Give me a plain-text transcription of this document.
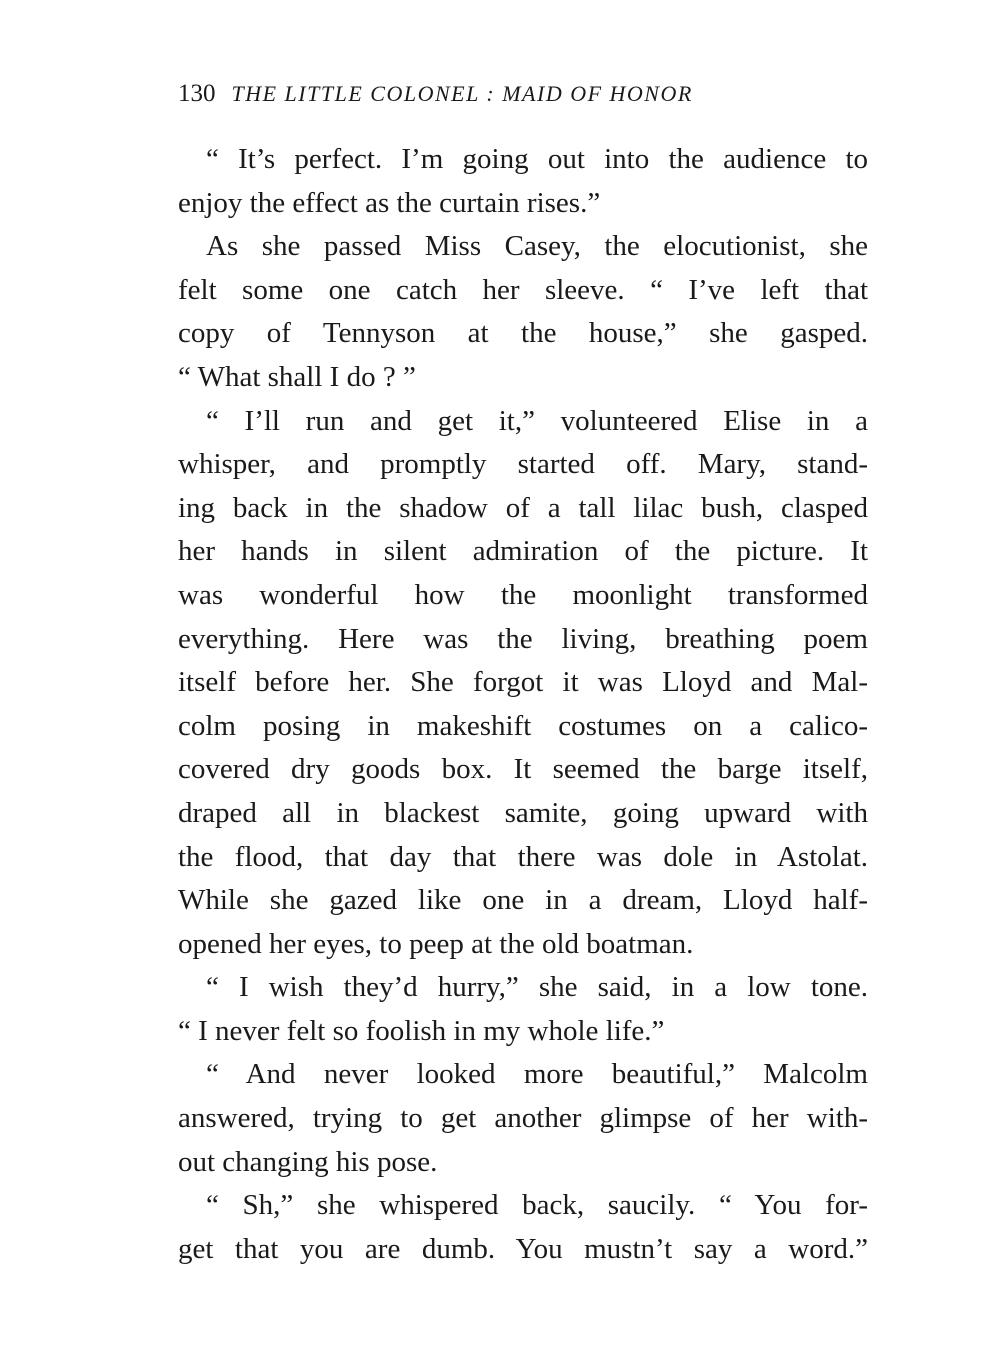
130 THE LITTLE COLONEL : MAID OF HONOR
“ It’s perfect. I’m going out into the audience to
enjoy the effect as the curtain rises.”
As she passed Miss Casey, the elocutionist, she
felt some one catch her sleeve. “ I’ve left that
copy of Tennyson at the house,” she gasped.
“ What shall I do ? ”
“ I’ll run and get it,” volunteered Elise in a
whisper, and promptly started off. Mary, stand-
ing back in the shadow of a tall lilac bush, clasped
her hands in silent admiration of the picture. It
was wonderful how the moonlight transformed
everything. Here was the living, breathing poem
itself before her. She forgot it was Lloyd and Mal-
colm posing in makeshift costumes on a calico-
covered dry goods box. It seemed the barge itself,
draped all in blackest samite, going upward with
the flood, that day that there was dole in Astolat.
While she gazed like one in a dream, Lloyd half-
opened her eyes, to peep at the old boatman.
“ I wish they’d hurry,” she said, in a low tone.
“ I never felt so foolish in my whole life.”
“ And never looked more beautiful,” Malcolm
answered, trying to get another glimpse of her with-
out changing his pose.
“ Sh,” she whispered back, saucily. “ You for-
get that you are dumb. You mustn’t say a word.”
